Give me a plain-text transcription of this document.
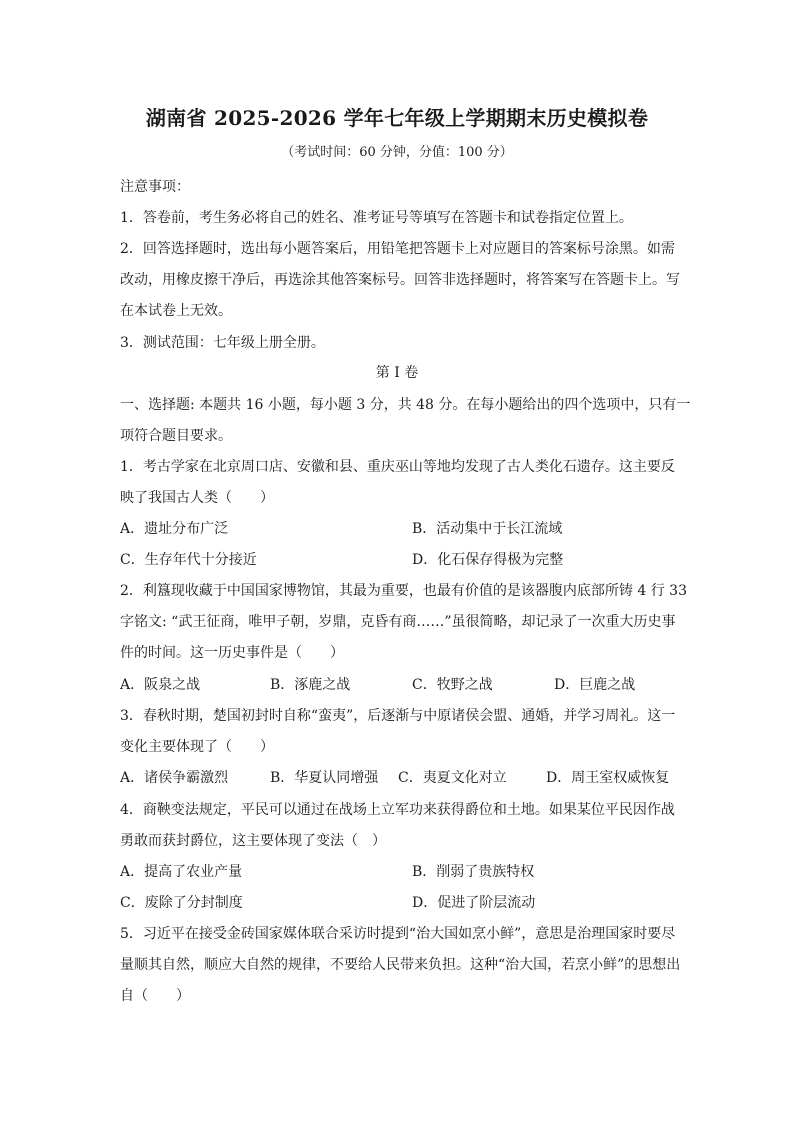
湖南省 2025-2026 学年七年级上学期期末历史模拟卷
（考试时间：60 分钟，分值：100 分）
注意事项：
1．答卷前，考生务必将自己的姓名、准考证号等填写在答题卡和试卷指定位置上。
2．回答选择题时，选出每小题答案后，用铅笔把答题卡上对应题目的答案标号涂黑。如需
改动，用橡皮擦干净后，再选涂其他答案标号。回答非选择题时，将答案写在答题卡上。写
在本试卷上无效。
3．测试范围：七年级上册全册。
第 I 卷
一、选择题: 本题共 16 小题，每小题 3 分，共 48 分。在每小题给出的四个选项中，只有一
项符合题目要求。
1．考古学家在北京周口店、安徽和县、重庆巫山等地均发现了古人类化石遗存。这主要反
映了我国古人类（　　）
A．遗址分布广泛	B．活动集中于长江流域
C．生存年代十分接近	D．化石保存得极为完整
2．利簋现收藏于中国国家博物馆，其最为重要，也最有价值的是该器腹内底部所铸 4 行 33
字铭文: “武王征商，唯甲子朝，岁鼎，克昏有商……”虽很简略，却记录了一次重大历史事
件的时间。这一历史事件是（　　）
A．阪泉之战	B．涿鹿之战	C．牧野之战	D．巨鹿之战
3．春秋时期，楚国初封时自称“蛮夷”，后逐渐与中原诸侯会盟、通婚，并学习周礼。这一
变化主要体现了（　　）
A．诸侯争霸激烈	B．华夏认同增强 C．夷夏文化对立	D．周王室权威恢复
4．商鞅变法规定，平民可以通过在战场上立军功来获得爵位和土地。如果某位平民因作战
勇敢而获封爵位，这主要体现了变法（　）
A．提高了农业产量	B．削弱了贵族特权
C．废除了分封制度	D．促进了阶层流动
5．习近平在接受金砖国家媒体联合采访时提到“治大国如烹小鲜”，意思是治理国家时要尽
量顺其自然，顺应大自然的规律，不要给人民带来负担。这种“治大国，若烹小鲜”的思想出
自（　　）
